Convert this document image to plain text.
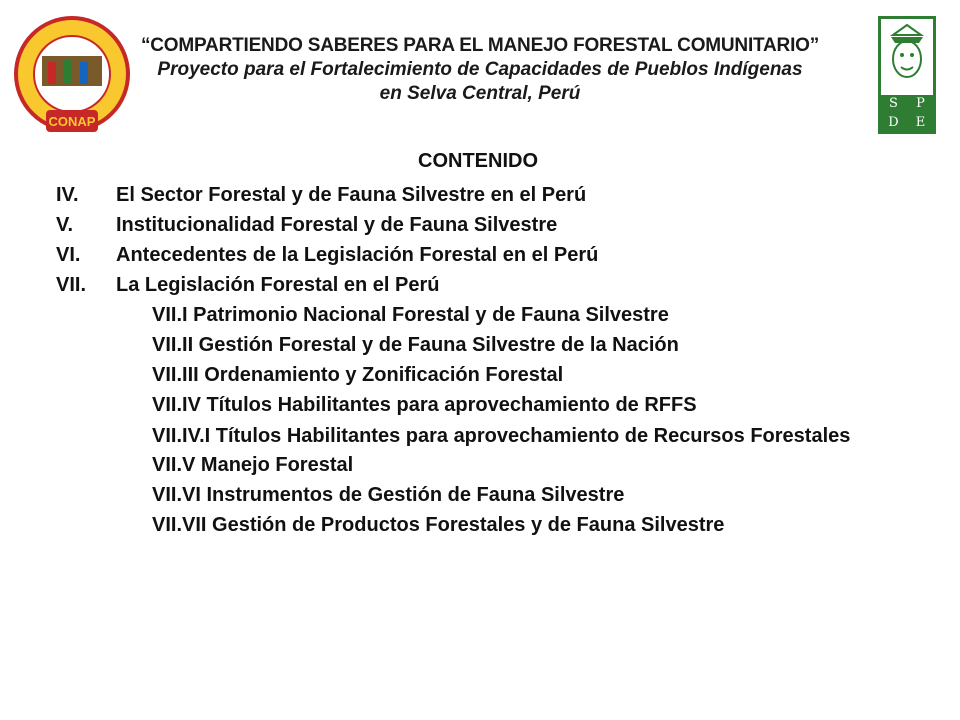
CONAP
“COMPARTIENDO SABERES PARA EL MANEJO FORESTAL COMUNITARIO”
Proyecto para el Fortalecimiento de Capacidades de Pueblos Indígenas
en Selva Central, Perú	S	P
D	E
CONTENIDO
IV.	El Sector Forestal y de Fauna Silvestre en el Perú
V.	Institucionalidad Forestal y de Fauna Silvestre
VI.	Antecedentes de la Legislación Forestal en el Perú
VII.	La Legislación Forestal en el Perú
VII.I Patrimonio Nacional Forestal y de Fauna Silvestre
VII.II Gestión Forestal y de Fauna Silvestre de la Nación
VII.III Ordenamiento y Zonificación Forestal
VII.IV Títulos Habilitantes para aprovechamiento de RFFS
VII.IV.I Títulos Habilitantes para aprovechamiento de Recursos Forestales
VII.V Manejo Forestal
VII.VI Instrumentos de Gestión de Fauna Silvestre
VII.VII Gestión de Productos Forestales y de Fauna Silvestre
